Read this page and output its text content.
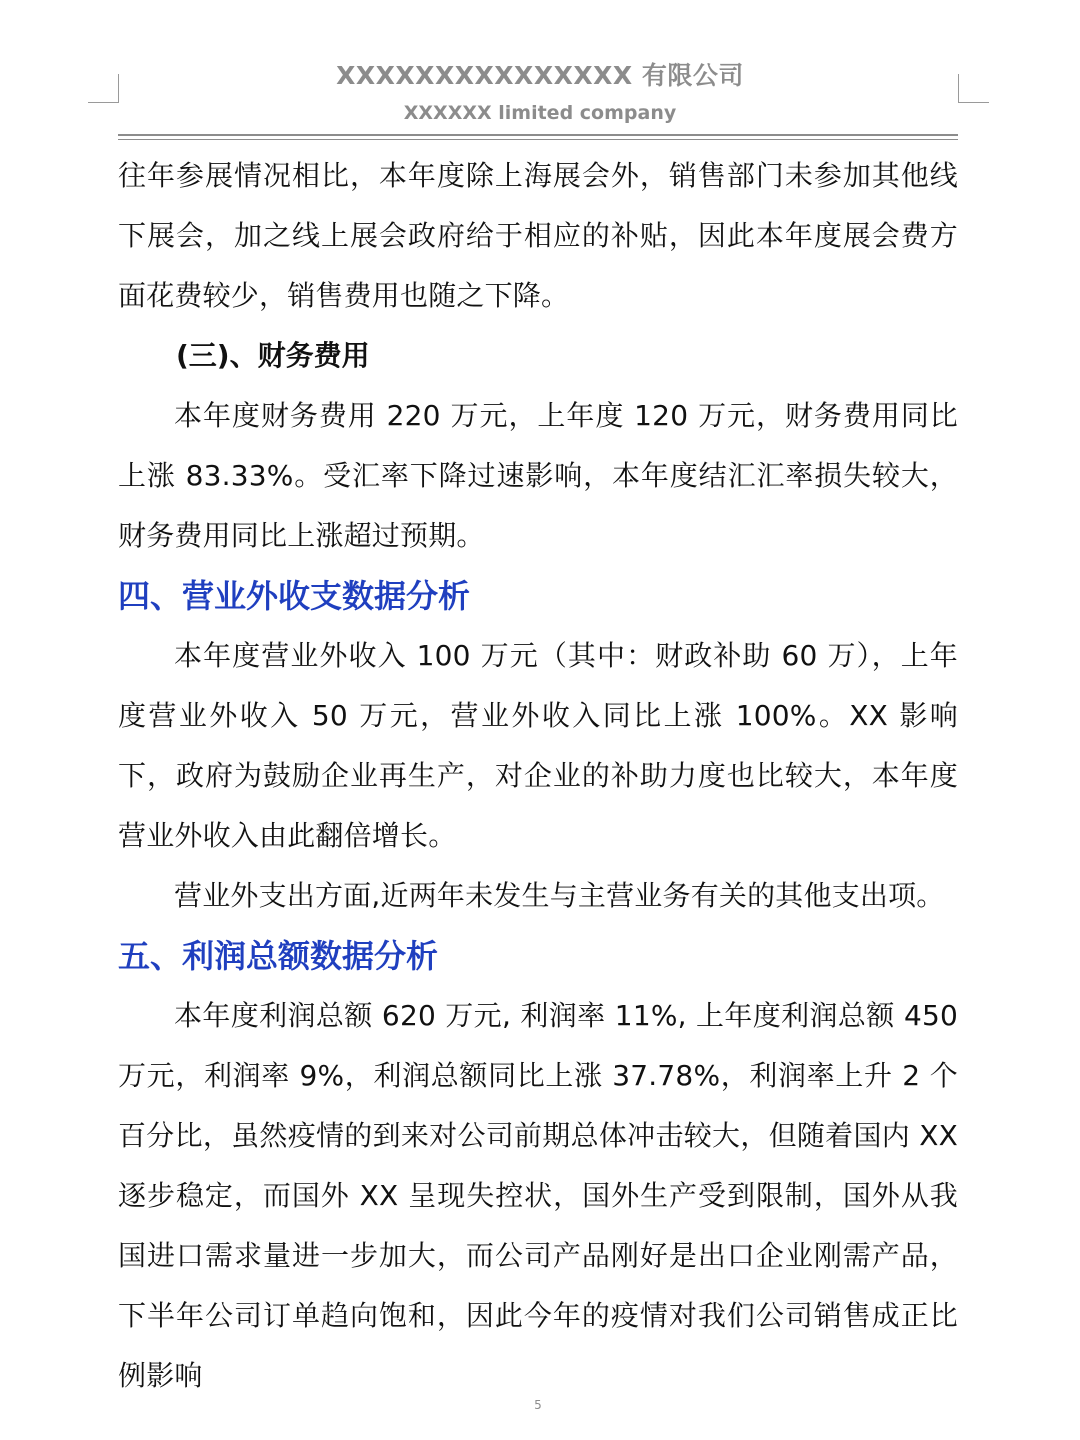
XXXXXXXXXXXXXXX 有限公司
XXXXXX limited company

往年参展情况相比，本年度除上海展会外，销售部门未参加其他线下展会，加之线上展会政府给于相应的补贴，因此本年度展会费方面花费较少，销售费用也随之下降。

(三)、财务费用

本年度财务费用 220 万元，上年度 120 万元，财务费用同比上涨 83.33%。受汇率下降过速影响，本年度结汇汇率损失较大，财务费用同比上涨超过预期。

四、营业外收支数据分析

本年度营业外收入 100 万元（其中：财政补助 60 万），上年度营业外收入 50 万元，营业外收入同比上涨 100%。XX 影响下，政府为鼓励企业再生产，对企业的补助力度也比较大，本年度营业外收入由此翻倍增长。

营业外支出方面,近两年未发生与主营业务有关的其他支出项。

五、利润总额数据分析

本年度利润总额 620 万元, 利润率 11%, 上年度利润总额 450 万元，利润率 9%，利润总额同比上涨 37.78%，利润率上升 2 个百分比，虽然疫情的到来对公司前期总体冲击较大，但随着国内 XX 逐步稳定，而国外 XX 呈现失控状，国外生产受到限制，国外从我国进口需求量进一步加大，而公司产品刚好是出口企业刚需产品，下半年公司订单趋向饱和，因此今年的疫情对我们公司销售成正比例影响

5
